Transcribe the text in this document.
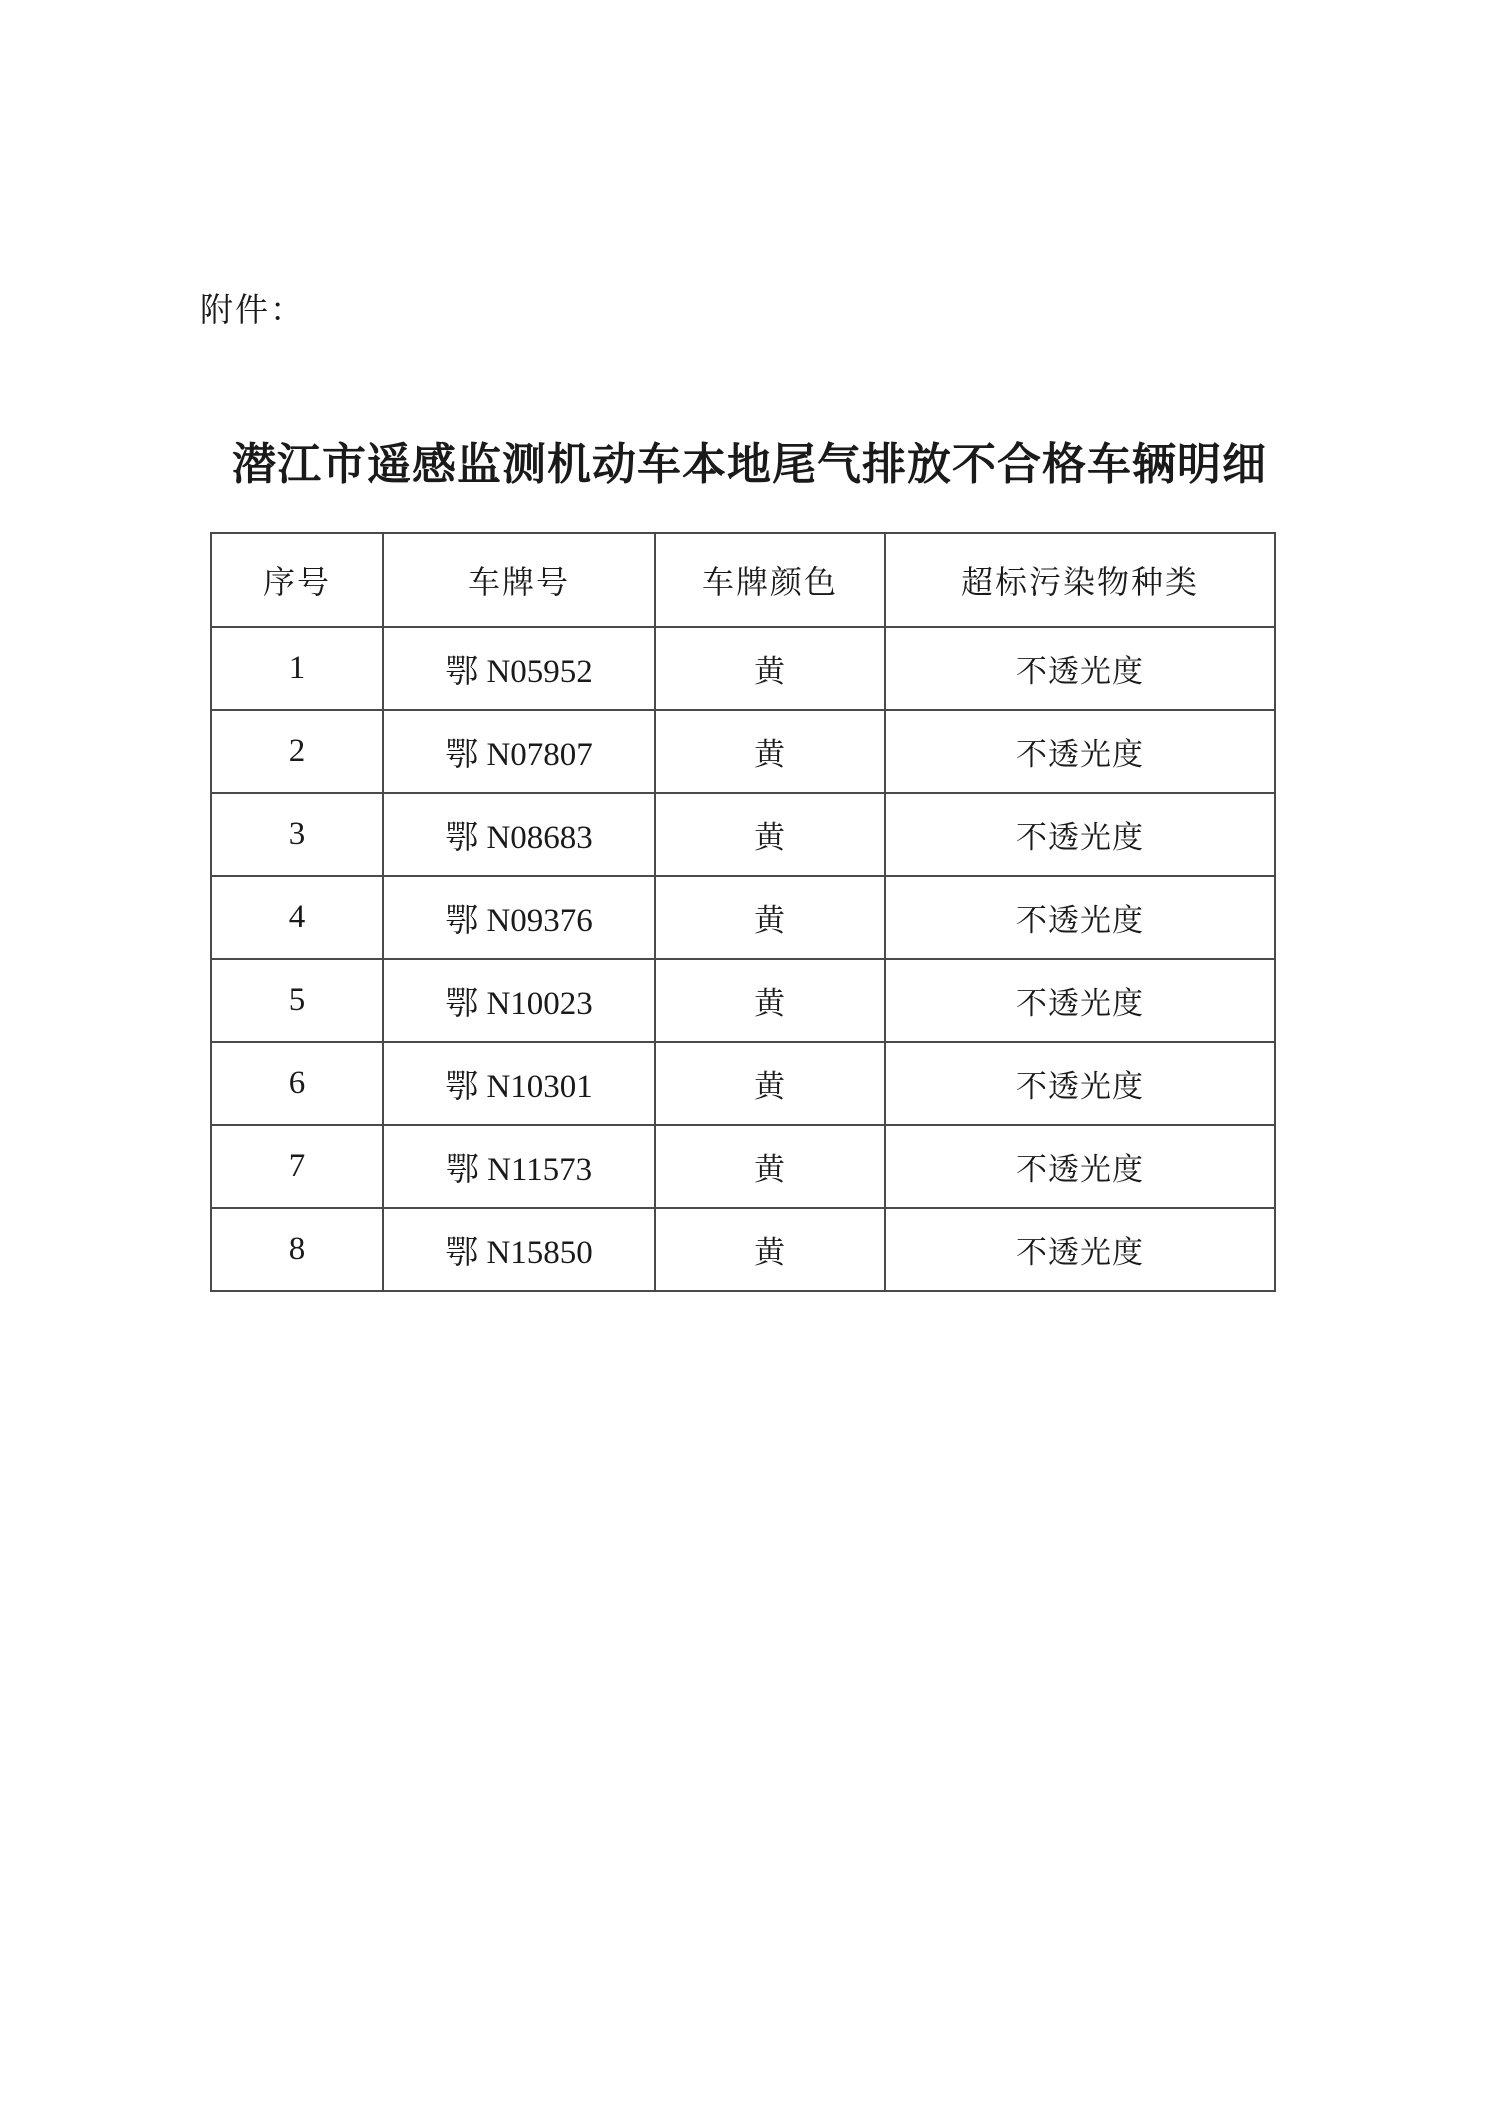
附件：
潜江市遥感监测机动车本地尾气排放不合格车辆明细
序号	车牌号	车牌颜色	超标污染物种类
1	鄂 N05952	黄	不透光度
2	鄂 N07807	黄	不透光度
3	鄂 N08683	黄	不透光度
4	鄂 N09376	黄	不透光度
5	鄂 N10023	黄	不透光度
6	鄂 N10301	黄	不透光度
7	鄂 N11573	黄	不透光度
8	鄂 N15850	黄	不透光度
